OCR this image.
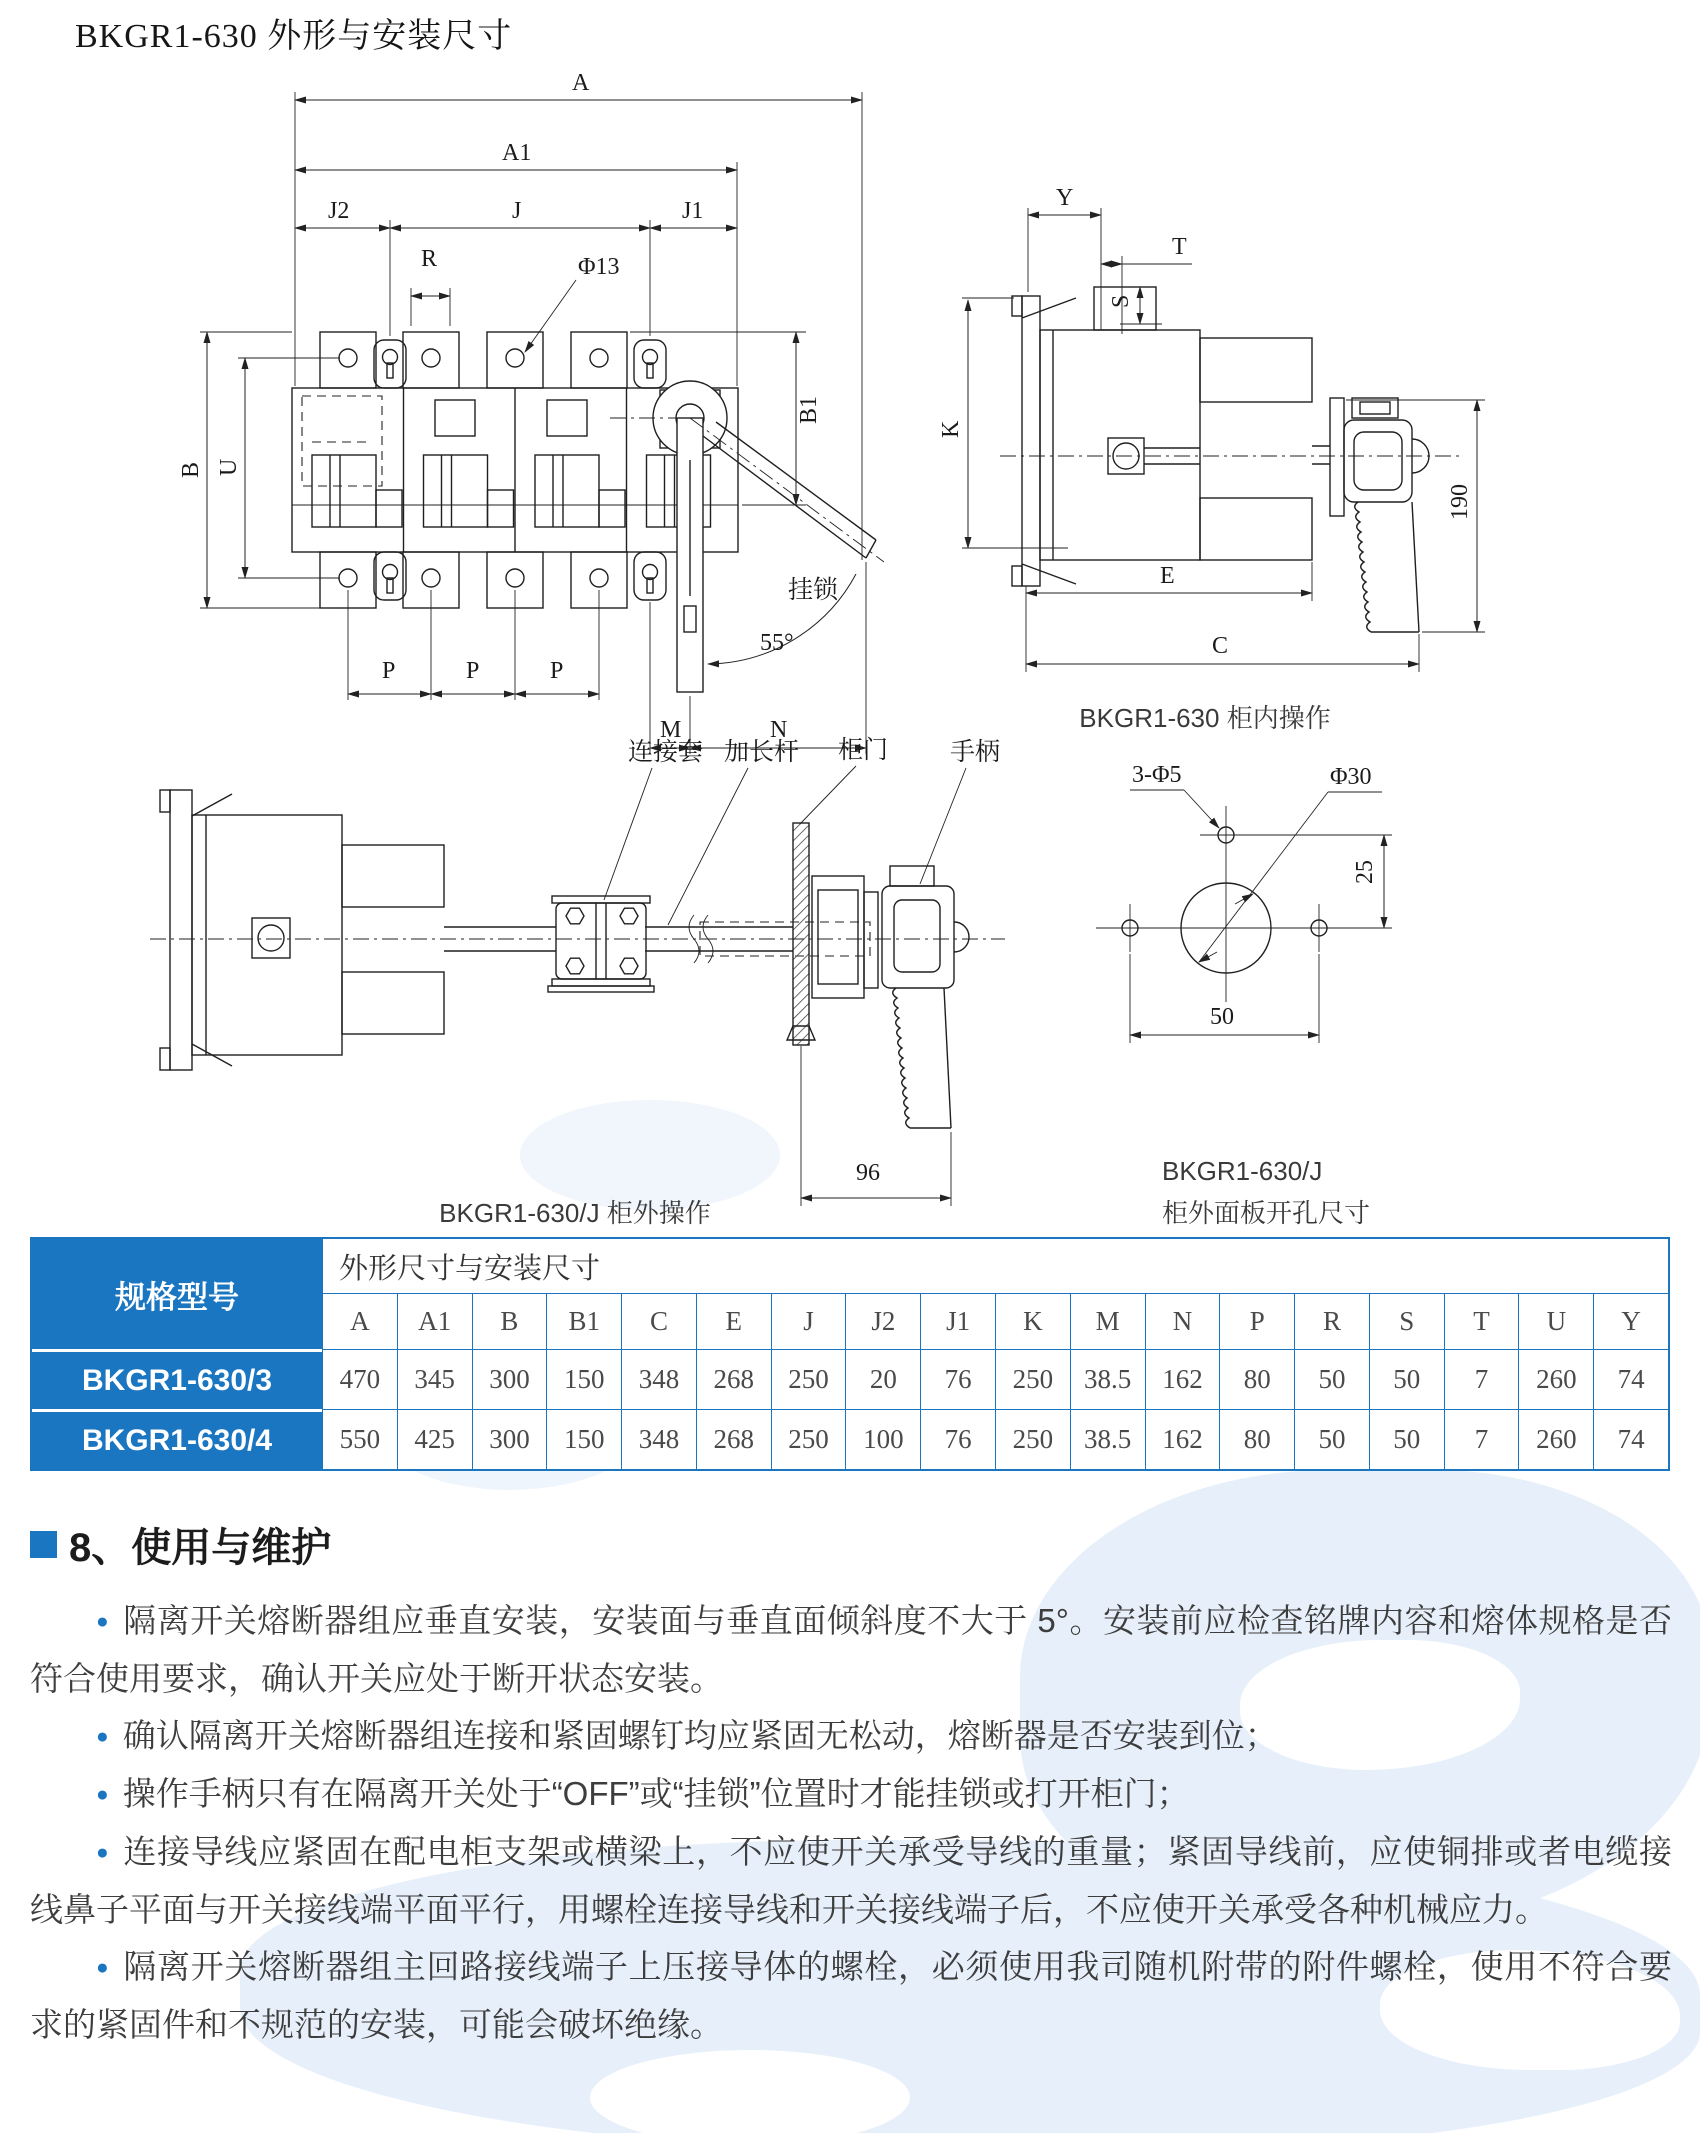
BKGR1-630 外形与安装尺寸
A
A1
J2	J	J1
R	Φ13
55°
挂锁
P	P	P
M	N
B U
B1
Y
T
S
K
190
E
C
BKGR1-630 柜内操作
连接套 加长杆 柜门 手柄
96
BKGR1-630/J 柜外操作
3-Φ5	Φ30
25
50
BKGR1-630/J
柜外面板开孔尺寸
规格型号
外形尺寸与安装尺寸
A	A1	B	B1	C	E	J	J2	J1	K	M	N	P	R	S	T	U	Y
BKGR1-630/3	470	345	300	150	348	268	250	20	76	250	38.5	162	80	50	50	7	260	74
BKGR1-630/4	550	425	300	150	348	268	250	100	76	250	38.5	162	80	50	50	7	260	74
8、使用与维护

● 隔离开关熔断器组应垂直安装，安装面与垂直面倾斜度不大于 5°。安装前应检查铭牌内容和熔体规格是否符合使用要求，确认开关应处于断开状态安装。

● 确认隔离开关熔断器组连接和紧固螺钉均应紧固无松动，熔断器是否安装到位；

● 操作手柄只有在隔离开关处于“OFF”或“挂锁”位置时才能挂锁或打开柜门；

● 连接导线应紧固在配电柜支架或横梁上，不应使开关承受导线的重量；紧固导线前，应使铜排或者电缆接线鼻子平面与开关接线端平面平行，用螺栓连接导线和开关接线端子后，不应使开关承受各种机械应力。

● 隔离开关熔断器组主回路接线端子上压接导体的螺栓，必须使用我司随机附带的附件螺栓，使用不符合要求的紧固件和不规范的安装，可能会破坏绝缘。
